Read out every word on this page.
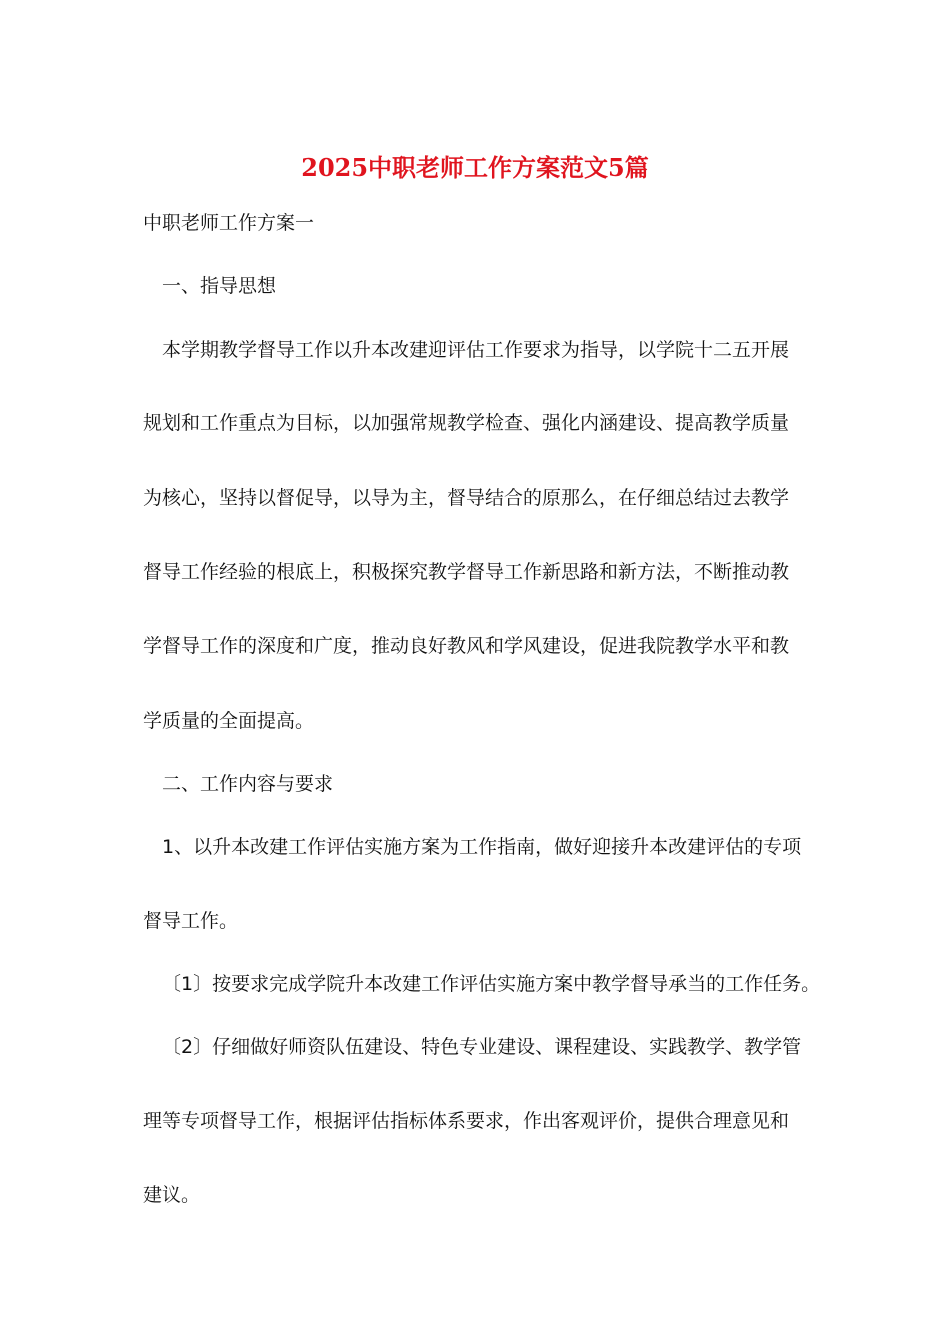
2025中职老师工作方案范文5篇

中职老师工作方案一

一、指导思想

本学期教学督导工作以升本改建迎评估工作要求为指导，以学院十二五开展

规划和工作重点为目标，以加强常规教学检查、强化内涵建设、提高教学质量

为核心，坚持以督促导，以导为主，督导结合的原那么，在仔细总结过去教学

督导工作经验的根底上，积极探究教学督导工作新思路和新方法，不断推动教

学督导工作的深度和广度，推动良好教风和学风建设，促进我院教学水平和教

学质量的全面提高。

二、工作内容与要求

1、以升本改建工作评估实施方案为工作指南，做好迎接升本改建评估的专项

督导工作。

〔1〕按要求完成学院升本改建工作评估实施方案中教学督导承当的工作任务。

〔2〕仔细做好师资队伍建设、特色专业建设、课程建设、实践教学、教学管

理等专项督导工作，根据评估指标体系要求，作出客观评价，提供合理意见和

建议。
